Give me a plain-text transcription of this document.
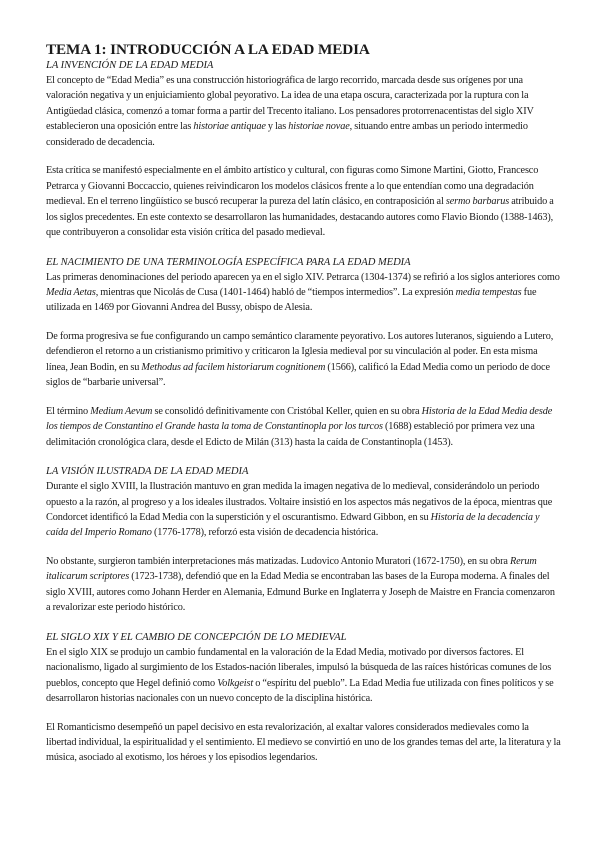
TEMA 1: INTRODUCCIÓN A LA EDAD MEDIA
LA INVENCIÓN DE LA EDAD MEDIA

El concepto de “Edad Media” es una construcción historiográfica de largo recorrido, marcada desde sus orígenes por una valoración negativa y un enjuiciamiento global peyorativo. La idea de una etapa oscura, caracterizada por la ruptura con la Antigüedad clásica, comenzó a tomar forma a partir del Trecento italiano. Los pensadores protorrenacentistas del siglo XIV establecieron una oposición entre las historiae antiquae y las historiae novae, situando entre ambas un periodo intermedio considerado de decadencia.

Esta crítica se manifestó especialmente en el ámbito artístico y cultural, con figuras como Simone Martini, Giotto, Francesco Petrarca y Giovanni Boccaccio, quienes reivindicaron los modelos clásicos frente a lo que entendían como una degradación medieval. En el terreno lingüístico se buscó recuperar la pureza del latín clásico, en contraposición al sermo barbarus atribuido a los siglos precedentes. En este contexto se desarrollaron las humanidades, destacando autores como Flavio Biondo (1388-1463), que contribuyeron a consolidar esta visión crítica del pasado medieval.

EL NACIMIENTO DE UNA TERMINOLOGÍA ESPECÍFICA PARA LA EDAD MEDIA

Las primeras denominaciones del periodo aparecen ya en el siglo XIV. Petrarca (1304-1374) se refirió a los siglos anteriores como Media Aetas, mientras que Nicolás de Cusa (1401-1464) habló de “tiempos intermedios”. La expresión media tempestas fue utilizada en 1469 por Giovanni Andrea del Bussy, obispo de Alesia.

De forma progresiva se fue configurando un campo semántico claramente peyorativo. Los autores luteranos, siguiendo a Lutero, defendieron el retorno a un cristianismo primitivo y criticaron la Iglesia medieval por su vinculación al poder. En esta misma línea, Jean Bodin, en su Methodus ad facilem historiarum cognitionem (1566), calificó la Edad Media como un periodo de doce siglos de “barbarie universal”.

El término Medium Aevum se consolidó definitivamente con Cristóbal Keller, quien en su obra Historia de la Edad Media desde los tiempos de Constantino el Grande hasta la toma de Constantinopla por los turcos (1688) estableció por primera vez una delimitación cronológica clara, desde el Edicto de Milán (313) hasta la caída de Constantinopla (1453).

LA VISIÓN ILUSTRADA DE LA EDAD MEDIA

Durante el siglo XVIII, la Ilustración mantuvo en gran medida la imagen negativa de lo medieval, considerándolo un periodo opuesto a la razón, al progreso y a los ideales ilustrados. Voltaire insistió en los aspectos más negativos de la época, mientras que Condorcet identificó la Edad Media con la superstición y el oscurantismo. Edward Gibbon, en su Historia de la decadencia y caída del Imperio Romano (1776-1778), reforzó esta visión de decadencia histórica.

No obstante, surgieron también interpretaciones más matizadas. Ludovico Antonio Muratori (1672-1750), en su obra Rerum italicarum scriptores (1723-1738), defendió que en la Edad Media se encontraban las bases de la Europa moderna. A finales del siglo XVIII, autores como Johann Herder en Alemania, Edmund Burke en Inglaterra y Joseph de Maistre en Francia comenzaron a revalorizar este periodo histórico.

EL SIGLO XIX Y EL CAMBIO DE CONCEPCIÓN DE LO MEDIEVAL

En el siglo XIX se produjo un cambio fundamental en la valoración de la Edad Media, motivado por diversos factores. El nacionalismo, ligado al surgimiento de los Estados-nación liberales, impulsó la búsqueda de las raíces históricas comunes de los pueblos, concepto que Hegel definió como Volkgeist o “espíritu del pueblo”. La Edad Media fue utilizada con fines políticos y se desarrollaron historias nacionales con un nuevo concepto de la disciplina histórica.

El Romanticismo desempeñó un papel decisivo en esta revalorización, al exaltar valores considerados medievales como la libertad individual, la espiritualidad y el sentimiento. El medievo se convirtió en uno de los grandes temas del arte, la literatura y la música, asociado al exotismo, los héroes y los episodios legendarios.
